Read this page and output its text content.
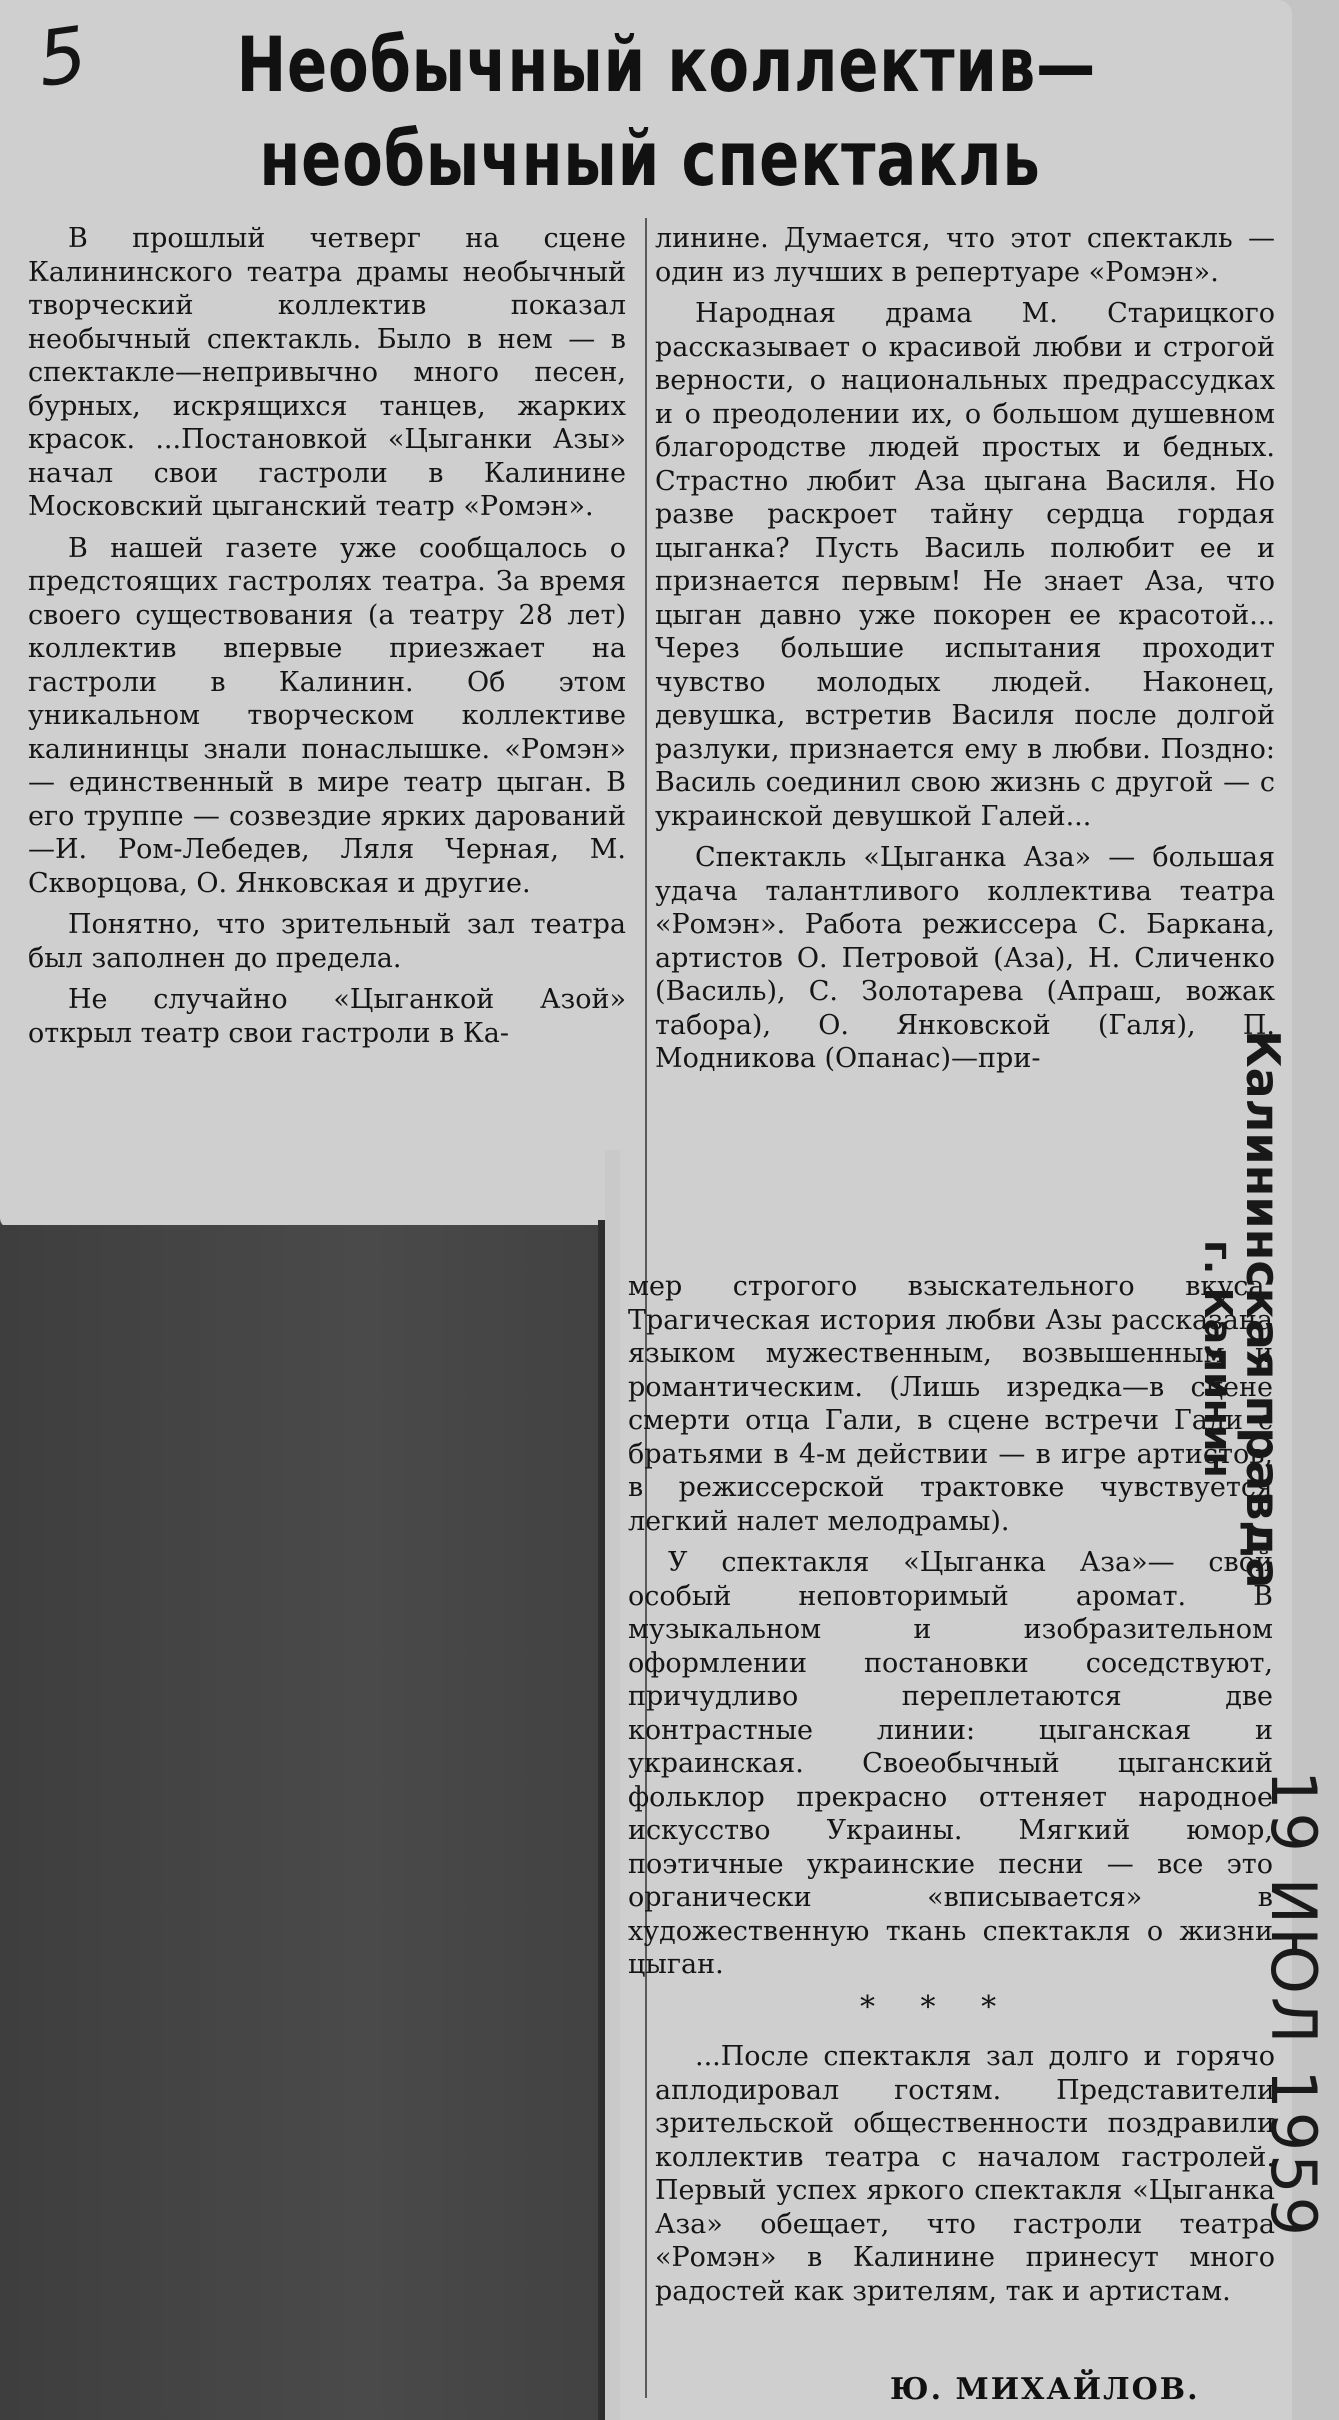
5 Необычный коллектив—
необычный спектакль

В прошлый четверг на сцене Калининского театра драмы необычный творческий коллектив показал необычный спектакль. Было в нем — в спектакле—непривычно много песен, бурных, искрящихся танцев, жарких красок. ...Постановкой «Цыганки Азы» начал свои гастроли в Калинине Московский цыганский театр «Ромэн».

В нашей газете уже сообщалось о предстоящих гастролях театра. За время своего существования (а театру 28 лет) коллектив впервые приезжает на гастроли в Калинин. Об этом уникальном творческом коллективе калининцы знали понаслышке. «Ромэн» — единственный в мире театр цыган. В его труппе — созвездие ярких дарований—И. Ром-Лебедев, Ляля Черная, М. Скворцова, О. Янковская и другие.

Понятно, что зрительный зал театра был заполнен до предела.

Не случайно «Цыганкой Азой» открыл театр свои гастроли в Ка-

линине. Думается, что этот спектакль — один из лучших в репертуаре «Ромэн».

Народная драма М. Старицкого рассказывает о красивой любви и строгой верности, о национальных предрассудках и о преодолении их, о большом душевном благородстве людей простых и бедных. Страстно любит Аза цыгана Василя. Но разве раскроет тайну сердца гордая цыганка? Пусть Василь полюбит ее и признается первым! Не знает Аза, что цыган давно уже покорен ее красотой... Через большие испытания проходит чувство молодых людей. Наконец, девушка, встретив Василя после долгой разлуки, признается ему в любви. Поздно: Василь соединил свою жизнь с другой — с украинской девушкой Галей...

Спектакль «Цыганка Аза» — большая удача талантливого коллектива театра «Ромэн». Работа режиссера С. Баркана, артистов О. Петровой (Аза), Н. Сличенко (Василь), С. Золотарева (Апраш, вожак табора), О. Янковской (Галя), П. Модникова (Опанас)—при-

мер строгого взыскательного вкуса. Трагическая история любви Азы рассказана языком мужественным, возвышенным и романтическим. (Лишь изредка—в сцене смерти отца Гали, в сцене встречи Гали с братьями в 4-м действии — в игре артистов, в режиссерской трактовке чувствуется легкий налет мелодрамы).

У спектакля «Цыганка Аза»— свой особый неповторимый аромат. В музыкальном и изобразительном оформлении постановки соседствуют, причудливо переплетаются две контрастные линии: цыганская и украинская. Своеобычный цыганский фольклор прекрасно оттеняет народное искусство Украины. Мягкий юмор, поэтичные украинские песни — все это органически «вписывается» в художественную ткань спектакля о жизни цыган.

* * *

...После спектакля зал долго и горячо аплодировал гостям. Представители зрительской общественности поздравили коллектив театра с началом гастролей. Первый успех яркого спектакля «Цыганка Аза» обещает, что гастроли театра «Ромэн» в Калинине принесут много радостей как зрителям, так и артистам.

Ю. МИХАЙЛОВ.

Калининская правда

г. Калинин

19 ИЮЛ 1959
